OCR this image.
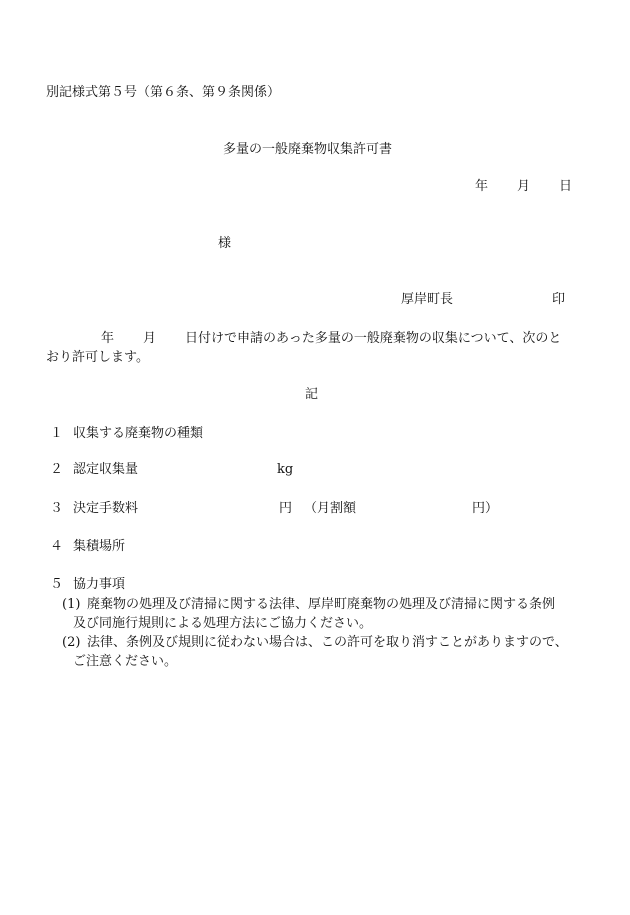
別記様式第５号（第６条、第９条関係）
多量の一般廃棄物収集許可書
年 月 日
様
厚岸町長	印
年 月 日付けで申請のあった多量の一般廃棄物の収集について、次のと
おり許可します。
記
１ 収集する廃棄物の種類
２ 認定収集量	kg
３ 決定手数料	円 （月割額	円）
４ 集積場所
５ 協力事項
(1) 廃棄物の処理及び清掃に関する法律、厚岸町廃棄物の処理及び清掃に関する条例
及び同施行規則による処理方法にご協力ください。
(2) 法律、条例及び規則に従わない場合は、この許可を取り消すことがありますので、
ご注意ください。
